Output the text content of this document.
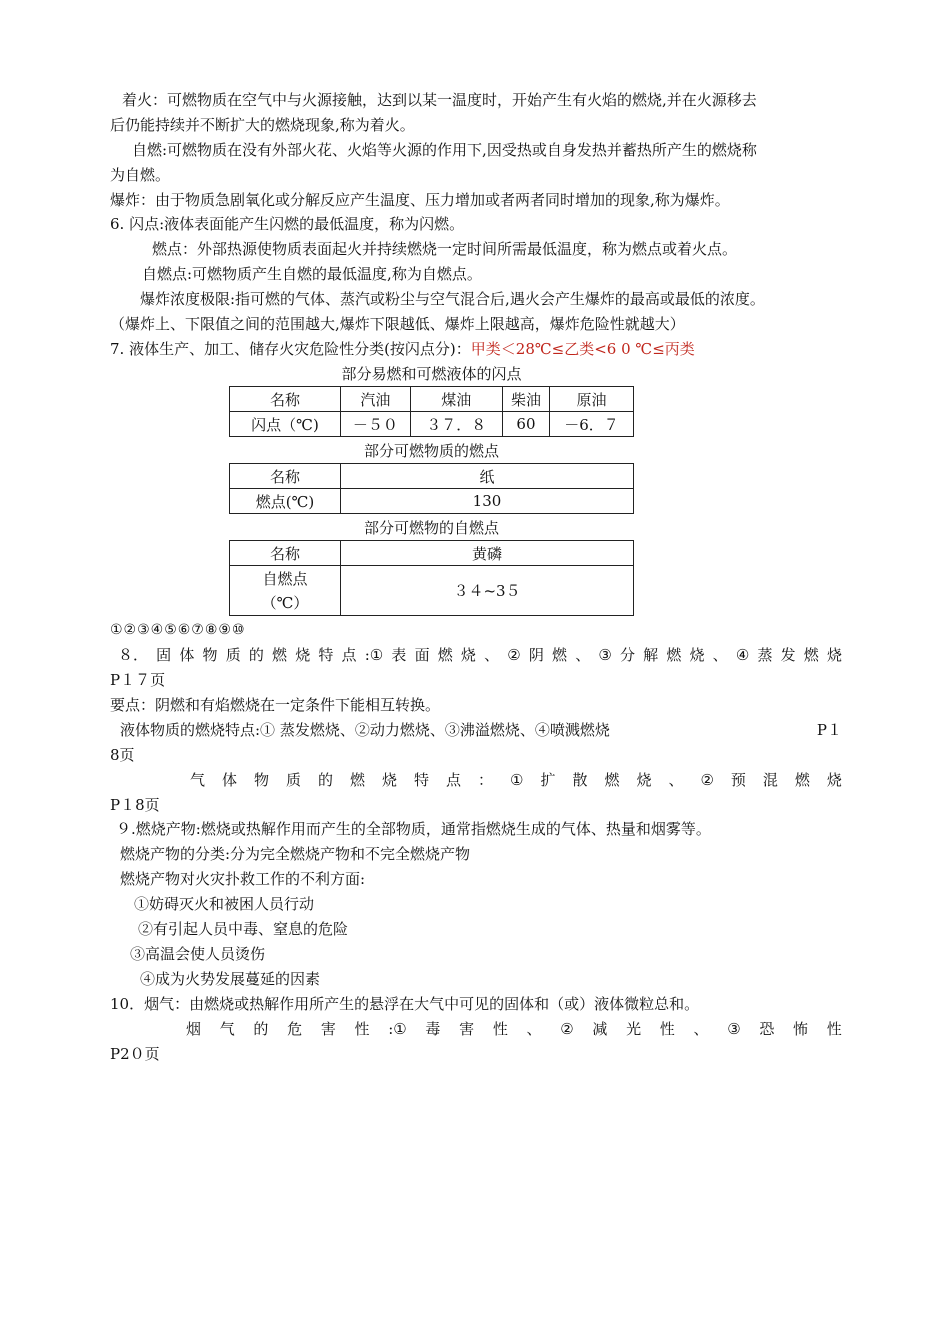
着火：可燃物质在空气中与火源接触，达到以某一温度时，开始产生有火焰的燃烧,并在火源移去
后仍能持续并不断扩大的燃烧现象,称为着火。
自燃:可燃物质在没有外部火花、火焰等火源的作用下,因受热或自身发热并蓄热所产生的燃烧称
为自燃。
爆炸：由于物质急剧氧化或分解反应产生温度、压力增加或者两者同时增加的现象,称为爆炸。
6. 闪点:液体表面能产生闪燃的最低温度，称为闪燃。
燃点：外部热源使物质表面起火并持续燃烧一定时间所需最低温度，称为燃点或着火点。
自燃点:可燃物质产生自燃的最低温度,称为自燃点。
爆炸浓度极限:指可燃的气体、蒸汽或粉尘与空气混合后,遇火会产生爆炸的最高或最低的浓度。
（爆炸上、下限值之间的范围越大,爆炸下限越低、爆炸上限越高，爆炸危险性就越大）
7. 液体生产、加工、储存火灾危险性分类(按闪点分)：甲类＜28℃≤乙类<6 0 ℃≤丙类
部分易燃和可燃液体的闪点
名称	汽油	煤油	柴油	原油
闪点（℃)	－５０	３７．８	60	－6．７
部分可燃物质的燃点
名称	纸
燃点(℃)	130
部分可燃物的自燃点
名称	黄磷

自燃点
（℃）	３４~3５
①②③④⑤⑥⑦⑧⑨⑩
８． 固 体 物 质 的 燃 烧 特 点 :① 表 面 燃 烧 、 ② 阴 燃 、 ③ 分 解 燃 烧 、 ④ 蒸 发 燃 烧
P１７页
要点：阴燃和有焰燃烧在一定条件下能相互转换。
液体物质的燃烧特点:① 蒸发燃烧、②动力燃烧、③沸溢燃烧、④喷溅燃烧	P１
8页
气 体 物 质 的 燃 烧 特 点 ： ① 扩 散 燃 烧 、 ② 预 混 燃 烧
P１8页
９.燃烧产物:燃烧或热解作用而产生的全部物质，通常指燃烧生成的气体、热量和烟雾等。
燃烧产物的分类:分为完全燃烧产物和不完全燃烧产物
燃烧产物对火灾扑救工作的不利方面:
①妨碍灭火和被困人员行动
②有引起人员中毒、窒息的危险
③高温会使人员烫伤
④成为火势发展蔓延的因素
10．烟气：由燃烧或热解作用所产生的悬浮在大气中可见的固体和（或）液体微粒总和。
烟 气 的 危 害 性 :① 毒 害 性 、 ② 减 光 性 、 ③ 恐 怖 性
P2０页
